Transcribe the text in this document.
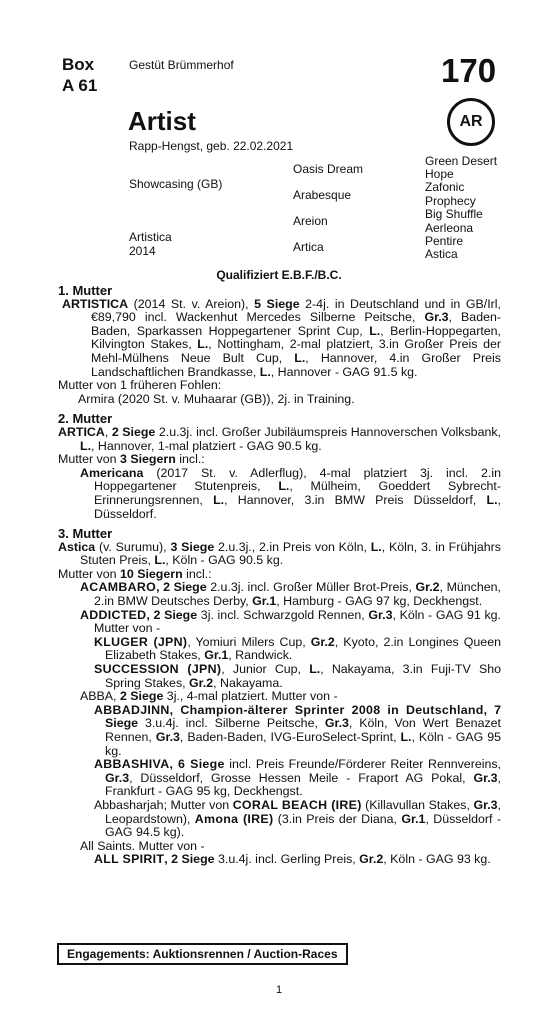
Box
A 61
Gestüt Brümmerhof	170
AR
Artist
Rapp-Hengst, geb. 22.02.2021
Showcasing (GB)
Artistica
2014
Oasis Dream
Arabesque
Areion
Artica
Green Desert
Hope
Zafonic
Prophecy
Big Shuffle
Aerleona
Pentire
Astica
Qualifiziert E.B.F./B.C.
1. Mutter
ARTISTICA (2014 St. v. Areion), 5 Siege 2-4j. in Deutschland und in GB/Irl, €89,790 incl. Wackenhut Mercedes Silberne Peitsche, Gr.3, Baden-Baden, Sparkassen Hoppegartener Sprint Cup, L., Berlin-Hoppegarten, Kilvington Stakes, L., Nottingham, 2-mal platziert, 3.in Großer Preis der Mehl-Mülhens Neue Bult Cup, L., Hannover, 4.in Großer Preis Landschaftlichen Brandkasse, L., Hannover - GAG 91.5 kg.
Mutter von 1 früheren Fohlen:
Armira (2020 St. v. Muhaarar (GB)), 2j. in Training.
2. Mutter
ARTICA, 2 Siege 2.u.3j. incl. Großer Jubiläumspreis Hannoverschen Volksbank, L., Hannover, 1-mal platziert - GAG 90.5 kg.
Mutter von 3 Siegern incl.:
Americana (2017 St. v. Adlerflug), 4-mal platziert 3j. incl. 2.in Hoppegartener Stutenpreis, L., Mülheim, Goeddert Sybrecht-Erinnerungsrennen, L., Hannover, 3.in BMW Preis Düsseldorf, L., Düsseldorf.
3. Mutter
Astica (v. Surumu), 3 Siege 2.u.3j., 2.in Preis von Köln, L., Köln, 3. in Frühjahrs Stuten Preis, L., Köln - GAG 90.5 kg.
Mutter von 10 Siegern incl.:
ACAMBARO, 2 Siege 2.u.3j. incl. Großer Müller Brot-Preis, Gr.2, München, 2.in BMW Deutsches Derby, Gr.1, Hamburg - GAG 97 kg, Deckhengst.
ADDICTED, 2 Siege 3j. incl. Schwarzgold Rennen, Gr.3, Köln - GAG 91 kg. Mutter von -
KLUGER (JPN), Yomiuri Milers Cup, Gr.2, Kyoto, 2.in Longines Queen Elizabeth Stakes, Gr.1, Randwick.
SUCCESSION (JPN), Junior Cup, L., Nakayama, 3.in Fuji-TV Sho Spring Stakes, Gr.2, Nakayama.
ABBA, 2 Siege 3j., 4-mal platziert. Mutter von -
ABBADJINN, Champion-älterer Sprinter 2008 in Deutschland, 7 Siege 3.u.4j. incl. Silberne Peitsche, Gr.3, Köln, Von Wert Benazet Rennen, Gr.3, Baden-Baden, IVG-EuroSelect-Sprint, L., Köln - GAG 95 kg.
ABBASHIVA, 6 Siege incl. Preis Freunde/Förderer Reiter Rennvereins, Gr.3, Düsseldorf, Grosse Hessen Meile - Fraport AG Pokal, Gr.3, Frankfurt - GAG 95 kg, Deckhengst.
Abbasharjah; Mutter von CORAL BEACH (IRE) (Killavullan Stakes, Gr.3, Leopardstown), Amona (IRE) (3.in Preis der Diana, Gr.1, Düsseldorf - GAG 94.5 kg).
All Saints. Mutter von -
ALL SPIRIT, 2 Siege 3.u.4j. incl. Gerling Preis, Gr.2, Köln - GAG 93 kg.
Engagements: Auktionsrennen / Auction-Races
1
